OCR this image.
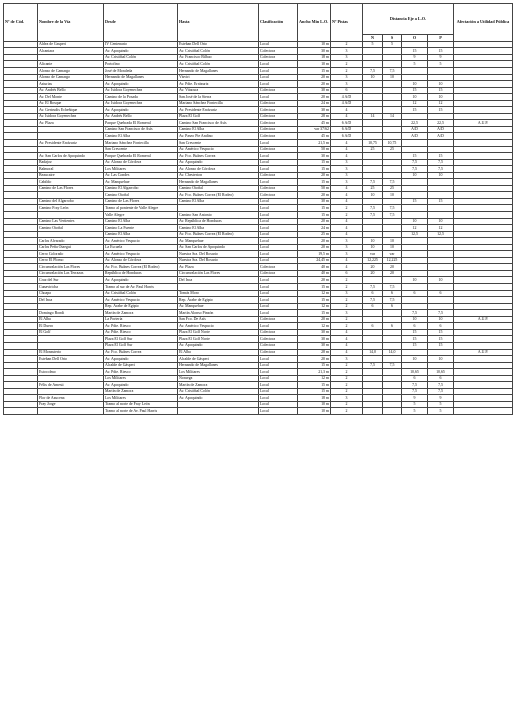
Nº de Cód.	Nombre de la Vía	Desde	Hasta	Clasificación	Ancho Min L.O.	Nº Pistas	Distancia Eje a L.O.				Afectación a Utilidad Pública
							N	S	O	P	
	Aldea de Gasperi	IV Centenario	Esteban Dell Orto	Local	10 m	2	5	5			
	Alcantara	Av. Apoquindo	Av. Cristóbal Colón	Colectora	30 m	3			15	15	
		Av. Cristóbal Colón	Av. Francisco Bilbao	Colectora	18 m	3			9	9	
	Alicante	Portofino	Av. Cristóbal Colón	Local	10 m	2			5	5	
	Alonso de Camargo	José de Moraleda	Hernando de Magallanes	Local	15 m	2	7,5	7,5			
	Alonso de Camargo	Hernando de Magallanes	Visviri	Local	20 m	3	10	10			
	Asturias	Av. Apoquindo	Av. Pdte. Errázuriz	Local	20 m	3			10	10	
	Av. Andrés Bello	Av. Isidora Goyenechea	Av. Vitacura	Colectora	30 m	6			15	15	
	Av. Del Monte	Camino de la Posada	San José de la Sierra	Local	20 m	4 A/D			10	10	
	Av. El Bosque	Av. Isidora Goyenechea	Mariano Sánchez Fontecilla	Colectora	24 m	4 A/D			12	12	
	Av. Gertrudis Echeñique	Av. Apoquindo	Av. Presidente Errázuriz	Colectora	30 m	4			15	15	
	Av. Isidora Goyenechea	Av. Andrés Bello	Plaza El Golf	Colectora	28 m	4	14	14			
	Av. Plaza	Parque Quebrada El Romeral	Camino San Francisco de Asís	Colectora	45 m	6 A/D			22,5	22,5	A.U.P.
		Camino San Francisco de Asís	Camino El Alba	Colectora	var 37/62	6 A/D			A/D	A/D	
		Camino El Alba	Av. Paseo Pie Andino	Colectora	45 m	6 A/D			A/D	A/D	
	Av. Presidente Errázuriz	Mariano Sánchez Fontecilla	San Crescente	Local	21,5 m	4	10,75	10,75			
		San Crescente	Av. Américo Vespucio	Colectora	50 m	4	25	25			
	Av. San Carlos de Apoquindo	Parque Quebrada El Romeral	Av. Fco. Bulnes Correa	Local	30 m	4			15	15	
	Badajoz	Av. Alonso de Córdova	Av. Apoquindo	Local	15 m	3			7,5	7,5	
	Balmoral	Los Militares	Av. Alonso de Córdova	Local	15 m	3			7,5	7,5	
	Beaucaire	Av. Las Condes	Av. Chesterton	Colectora	20 m	3			10	10	
	Cabildo	Av. Manquehue	Hernando de Magallanes	Local	15 m	3	7,5	7,5			
	Camino de Las Flores	Camino El Algarrobo	Camino Otoñal	Colectora	50 m	4	25	25			
		Camino Otoñal	Av. Fco. Bulnes Correa (El Rodeo)	Colectora	20 m	4	10	10			
	Camino del Algarrobo	Camino de Las Flores	Camino El Alba	Local	30 m	4			15	15	
	Camino Fray León	Tramo al poniente de Valle Alegre		Local	15 m	2	7,5	7,5			
		Valle Alegre	Camino San Antonio	Local	15 m	2	7,5	7,5			
	Camino Las Vertientes	Camino El Alba	Av. República de Honduras	Local	20 m	4			10	10	
	Camino Otoñal	Camino La Fuente	Camino El Alba	Local	24 m	4			12	12	
		Camino El Alba	Av. Fco. Bulnes Correa (El Rodeo)	Local	25 m	4			12,5	12,5	
	Carlos Alvarado	Av. Américo Vespucio	Av. Manquehue	Local	20 m	3	10	10			
	Carlos Peña Otaegui	La Escuela	Av. San Carlos de Apoquindo	Local	20 m	3	10	10			
	Cerro Colorado	Av. Américo Vespucio	Nuestra Sra. Del Rosario	Local	19,5 m	3	var	var			
	Cerro El Plomo	Av. Alonso de Córdova	Nuestra Sra. Del Rosario	Local	24,45 m	4	12,225	12,225			
	Circunvalación Las Flores	Av. Fco. Bulnes Correa (El Rodeo)	Av. Plaza	Colectora	40 m	4	20	20			
	Circunvalación Las Terrazas	República de Honduras	Circunvalación Las Flores	Colectora	40 m	6	20	20			
	Cruz del Sur	Av. Apoquindo	Del Inca	Local	20 m	2			10	10	
	Cunaviricha	Tramo al sur de Av. Paul Harris		Local	15 m	2	7,5	7,5			
	Choapa	Av. Cristóbal Colón	Tomás Moro	Local	12 m	3	6	6	6	6	
	Del Inca	Av. Américo Vespucio	Rep. Árabe de Egipto	Local	15 m	2	7,5	7,5			
		Rep. Árabe de Egipto	Av. Manquehue	Local	12 m	2	6	6			
	Domingo Bondi	Martín de Zamora	Martín Alonso Pinzón	Local	15 m	3			7,5	7,5	
	El Alba	La Portería	San Fco. De Asís	Colectora	20 m	2			10	10	A.U.P.
	El Duero	Av. Pdte. Riesco	Av. Américo Vespucio	Local	12 m	2	6	6	6	6	
	El Golf	Av. Pdte. Riesco	Plaza El Golf Norte	Colectora	30 m	4			15	15	
		Plaza El Golf Sur	Plaza El Golf Norte	Colectora	30 m	4			15	15	
		Plaza El Golf Sur	Av. Apoquindo	Colectora	30 m	4			15	15	
	El Monasterio	Av. Fco. Bulnes Correa	El Alba	Colectora	28 m	4	14,0	14,0			A.U.P.
	Esteban Dell Orto	Av. Apoquindo	Alcalde de Gásperi	Local	20 m	3			10	10	
		Alcalde de Gásperi	Hernando de Magallanes	Local	15 m	2	7,5	7,5			
	Estocolmo	Av. Pdte. Riesco	Los Militares	Local	21,3 m	2			10,65	10,65	
		Los Militares	Noruega	Local	12 m	2			6	6	
	Félix de Amesti	Av. Apoquindo	Martín de Zamora	Local	15 m	2			7,5	7,5	
		Martín de Zamora	Av. Cristóbal Colón	Local	15 m	2			7,5	7,5	
	Flor de Azucena	Los Militares	Av. Apoquindo	Local	18 m	3			9	9	
	Fray Jorge	Tramo al norte de Fray León		Local	10 m	2			5	5	
		Tramo al norte de Av. Paul Harris		Local	10 m	2			5	5	
